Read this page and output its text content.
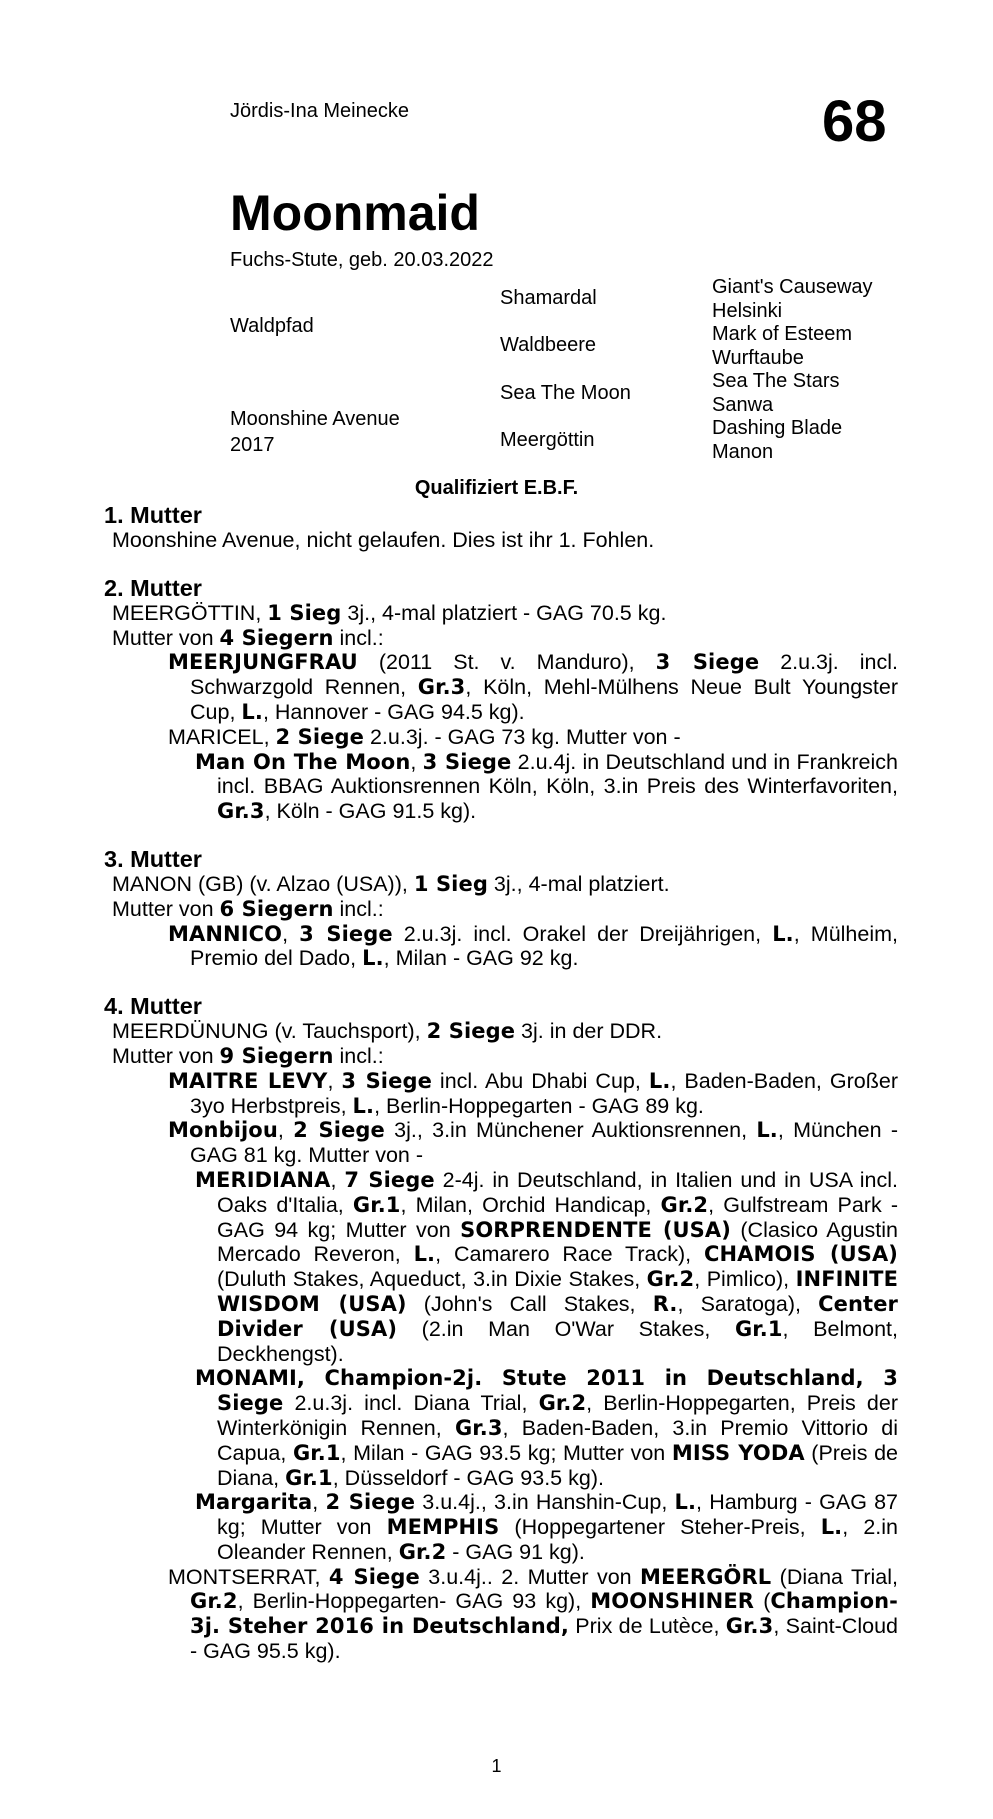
Jördis-Ina Meinecke	68
Moonmaid
Fuchs-Stute, geb. 20.03.2022
Waldpfad
Moonshine Avenue
2017
Shamardal
Waldbeere
Sea The Moon
Meergöttin
Giant's Causeway
Helsinki
Mark of Esteem
Wurftaube
Sea The Stars
Sanwa
Dashing Blade
Manon
Qualifiziert E.B.F.
1. Mutter
Moonshine Avenue, nicht gelaufen. Dies ist ihr 1. Fohlen.
2. Mutter
MEERGÖTTIN, 1 Sieg 3j., 4-mal platziert - GAG 70.5 kg.
Mutter von 4 Siegern incl.:
MEERJUNGFRAU (2011 St. v. Manduro), 3 Siege 2.u.3j. incl. Schwarzgold Rennen, Gr.3, Köln, Mehl-Mülhens Neue Bult Youngster Cup, L., Hannover - GAG 94.5 kg).
MARICEL, 2 Siege 2.u.3j. - GAG 73 kg. Mutter von -
Man On The Moon, 3 Siege 2.u.4j. in Deutschland und in Frankreich incl. BBAG Auktionsrennen Köln, Köln, 3.in Preis des Winterfavoriten, Gr.3, Köln - GAG 91.5 kg).
3. Mutter
MANON (GB) (v. Alzao (USA)), 1 Sieg 3j., 4-mal platziert.
Mutter von 6 Siegern incl.:
MANNICO, 3 Siege 2.u.3j. incl. Orakel der Dreijährigen, L., Mülheim, Premio del Dado, L., Milan - GAG 92 kg.
4. Mutter
MEERDÜNUNG (v. Tauchsport), 2 Siege 3j. in der DDR.
Mutter von 9 Siegern incl.:
MAITRE LEVY, 3 Siege incl. Abu Dhabi Cup, L., Baden-Baden, Großer 3yo Herbstpreis, L., Berlin-Hoppegarten - GAG 89 kg.
Monbijou, 2 Siege 3j., 3.in Münchener Auktionsrennen, L., München - GAG 81 kg. Mutter von -
MERIDIANA, 7 Siege 2-4j. in Deutschland, in Italien und in USA incl. Oaks d'Italia, Gr.1, Milan, Orchid Handicap, Gr.2, Gulfstream Park - GAG 94 kg; Mutter von SORPRENDENTE (USA) (Clasico Agustin Mercado Reveron, L., Camarero Race Track), CHAMOIS (USA) (Duluth Stakes, Aqueduct, 3.in Dixie Stakes, Gr.2, Pimlico), INFINITE WISDOM (USA) (John's Call Stakes, R., Saratoga), Center Divider (USA) (2.in Man O'War Stakes, Gr.1, Belmont, Deckhengst).
MONAMI, Champion-2j. Stute 2011 in Deutschland, 3 Siege 2.u.3j. incl. Diana Trial, Gr.2, Berlin-Hoppegarten, Preis der Winterkönigin Rennen, Gr.3, Baden-Baden, 3.in Premio Vittorio di Capua, Gr.1, Milan - GAG 93.5 kg; Mutter von MISS YODA (Preis de Diana, Gr.1, Düsseldorf - GAG 93.5 kg).
Margarita, 2 Siege 3.u.4j., 3.in Hanshin-Cup, L., Hamburg - GAG 87 kg; Mutter von MEMPHIS (Hoppegartener Steher-Preis, L., 2.in Oleander Rennen, Gr.2 - GAG 91 kg).
MONTSERRAT, 4 Siege 3.u.4j.. 2. Mutter von MEERGÖRL (Diana Trial, Gr.2, Berlin-Hoppegarten- GAG 93 kg), MOONSHINER (Champion-3j. Steher 2016 in Deutschland, Prix de Lutèce, Gr.3, Saint-Cloud - GAG 95.5 kg).
1
